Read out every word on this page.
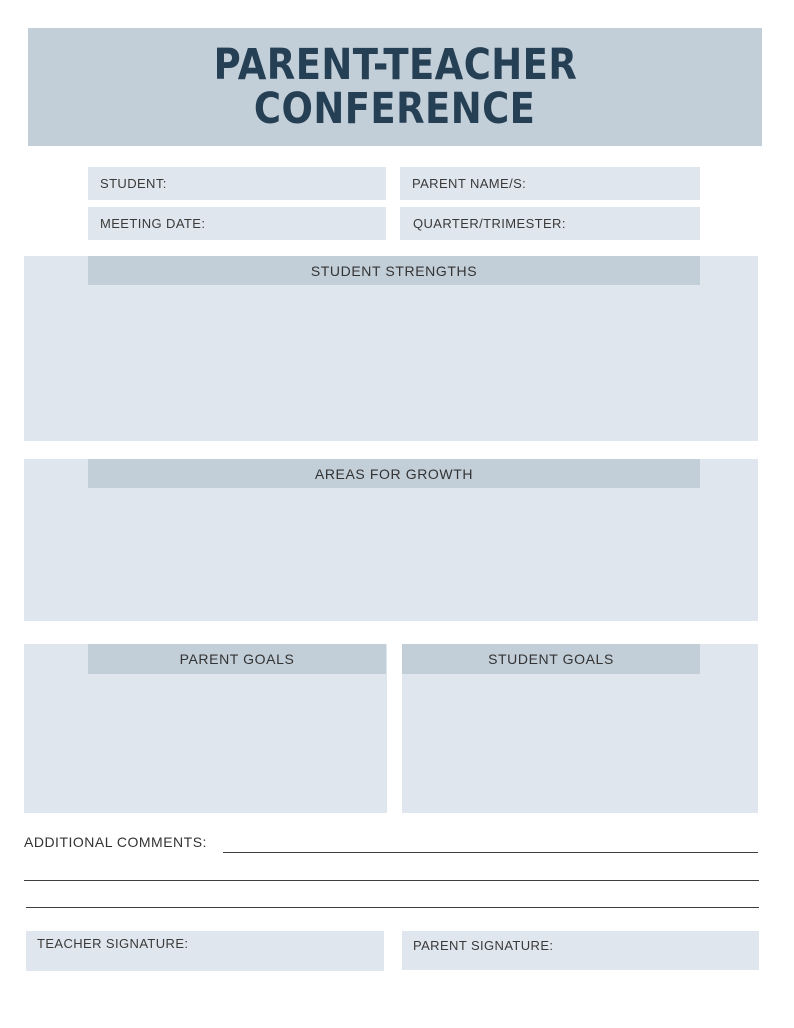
PARENT-TEACHER
CONFERENCE
STUDENT:	PARENT NAME/S:
MEETING DATE:	QUARTER/TRIMESTER:
STUDENT STRENGTHS
AREAS FOR GROWTH
PARENT GOALS	STUDENT GOALS
ADDITIONAL COMMENTS:
TEACHER SIGNATURE:	PARENT SIGNATURE:
